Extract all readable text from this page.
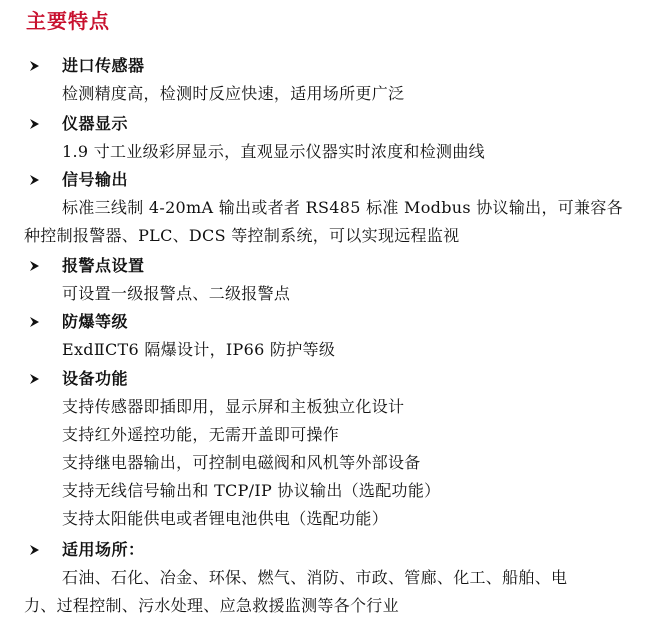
主要特点
进口传感器
检测精度高，检测时反应快速，适用场所更广泛
仪器显示
1.9 寸工业级彩屏显示，直观显示仪器实时浓度和检测曲线
信号输出
标准三线制 4-20mA 输出或者者 RS485 标准 Modbus 协议输出，可兼容各
种控制报警器、PLC、DCS 等控制系统，可以实现远程监视
报警点设置
可设置一级报警点、二级报警点
防爆等级
ExdⅡCT6 隔爆设计，IP66 防护等级
设备功能
支持传感器即插即用，显示屏和主板独立化设计
支持红外遥控功能，无需开盖即可操作
支持继电器输出，可控制电磁阀和风机等外部设备
支持无线信号输出和 TCP/IP 协议输出（选配功能）
支持太阳能供电或者锂电池供电（选配功能）
适用场所：
石油、石化、冶金、环保、燃气、消防、市政、管廊、化工、船舶、电
力、过程控制、污水处理、应急救援监测等各个行业
